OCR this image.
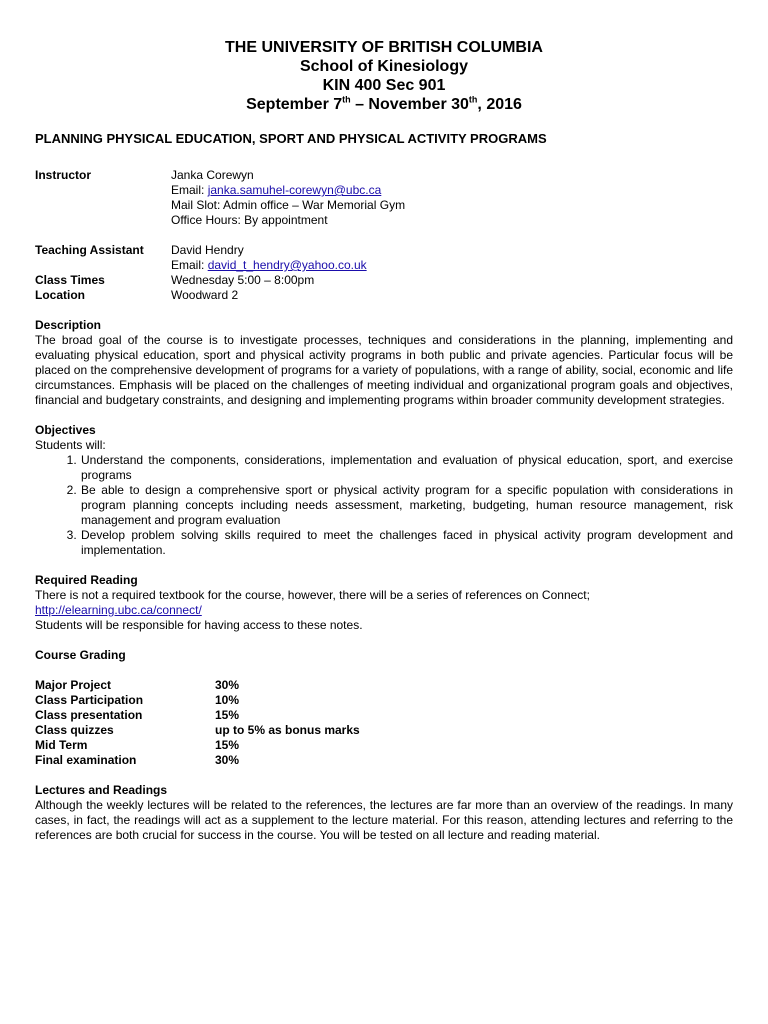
THE UNIVERSITY OF BRITISH COLUMBIA
School of Kinesiology
KIN 400 Sec 901
September 7th – November 30th, 2016
PLANNING PHYSICAL EDUCATION, SPORT AND PHYSICAL ACTIVITY PROGRAMS
Instructor	Janka Corewyn
Email: janka.samuhel-corewyn@ubc.ca
Mail Slot: Admin office – War Memorial Gym
Office Hours: By appointment
Teaching Assistant	David Hendry
Email: david_t_hendry@yahoo.co.uk
Class Times	Wednesday 5:00 – 8:00pm
Location	Woodward 2
Description
The broad goal of the course is to investigate processes, techniques and considerations in the planning, implementing and evaluating physical education, sport and physical activity programs in both public and private agencies. Particular focus will be placed on the comprehensive development of programs for a variety of populations, with a range of ability, social, economic and life circumstances. Emphasis will be placed on the challenges of meeting individual and organizational program goals and objectives, financial and budgetary constraints, and designing and implementing programs within broader community development strategies.
Objectives
Students will:
1. Understand the components, considerations, implementation and evaluation of physical education, sport, and exercise programs
2. Be able to design a comprehensive sport or physical activity program for a specific population with considerations in program planning concepts including needs assessment, marketing, budgeting, human resource management, risk management and program evaluation
3. Develop problem solving skills required to meet the challenges faced in physical activity program development and implementation.
Required Reading
There is not a required textbook for the course, however, there will be a series of references on Connect;
http://elearning.ubc.ca/connect/
Students will be responsible for having access to these notes.
Course Grading
Major Project	30%
Class Participation	10%
Class presentation	15%
Class quizzes	up to 5% as bonus marks
Mid Term	15%
Final examination	30%
Lectures and Readings
Although the weekly lectures will be related to the references, the lectures are far more than an overview of the readings. In many cases, in fact, the readings will act as a supplement to the lecture material. For this reason, attending lectures and referring to the references are both crucial for success in the course. You will be tested on all lecture and reading material.
